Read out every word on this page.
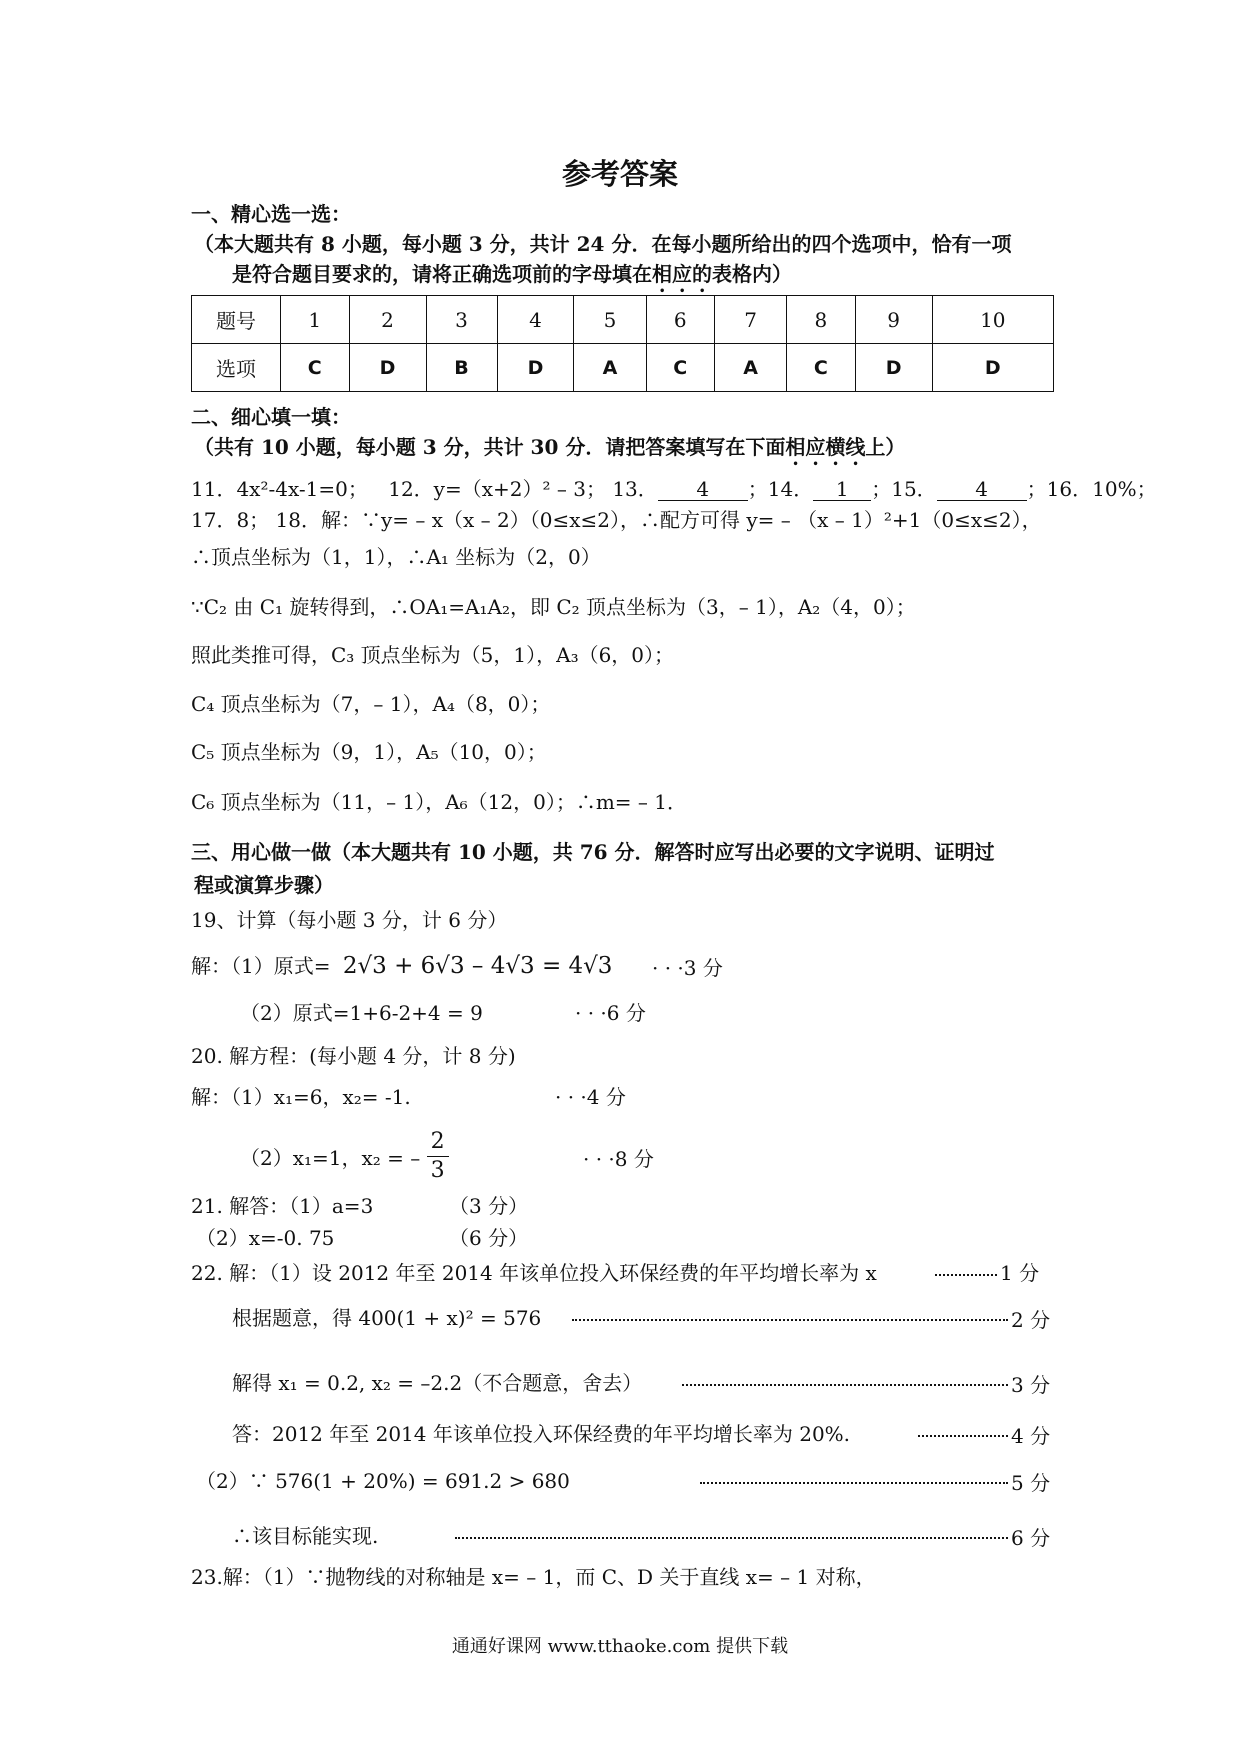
参考答案
一、精心选一选：
（本大题共有 8 小题，每小题 3 分，共计 24 分．在每小题所给出的四个选项中，恰有一项
是符合题目要求的，请将正确选项前的字母填在相应的表格内）
题号	1	2	3	4	5	6	7	8	9	10
选项	C	D	B	D	A	C	A	C	D	D
二、细心填一填：
（共有 10 小题，每小题 3 分，共计 30 分．请把答案填写在下面相应横线上）
11．4x²-4x-1=0； 12．y=（x+2）² – 3； 13． 4 ；14． 1 ；15． 4 ；16．10%；
17．8； 18．解：∵y= – x（x – 2）（0≤x≤2），∴配方可得 y= – （x – 1）²+1（0≤x≤2），
∴顶点坐标为（1，1），∴A₁ 坐标为（2，0）
∵C₂ 由 C₁ 旋转得到，∴OA₁=A₁A₂，即 C₂ 顶点坐标为（3，– 1），A₂（4，0）；
照此类推可得，C₃ 顶点坐标为（5，1），A₃（6，0）；
C₄ 顶点坐标为（7，– 1），A₄（8，0）；
C₅ 顶点坐标为（9，1），A₅（10，0）；
C₆ 顶点坐标为（11，– 1），A₆（12，0）；∴m= – 1．
三、用心做一做（本大题共有 10 小题，共 76 分．解答时应写出必要的文字说明、证明过
程或演算步骤）
19、计算（每小题 3 分，计 6 分）
解：（1）原式= 2√3 + 6√3 – 4√3 = 4√3 · · ·3 分
（2）原式=1+6-2+4 = 9	· · ·6 分
20. 解方程：(每小题 4 分，计 8 分)
解：（1）x₁=6，x₂= -1.	· · ·4 分
（2）x₁=1，x₂ = – $\frac{2}{3}$	· · ·8 分
21. 解答：（1）a=3	（3 分）
（2）x=-0. 75	（6 分）
22. 解：（1）设 2012 年至 2014 年该单位投入环保经费的年平均增长率为 x	1 分
根据题意，得 400(1 + x)² = 576	2 分
解得 x₁ = 0.2, x₂ = –2.2（不合题意，舍去）	3 分
答：2012 年至 2014 年该单位投入环保经费的年平均增长率为 20%.	4 分
（2）∵ 576(1 + 20%) = 691.2 > 680	5 分
∴该目标能实现.	6 分
23.解：（1）∵抛物线的对称轴是 x= – 1，而 C、D 关于直线 x= – 1 对称，
通通好课网 www.tthaoke.com 提供下载
